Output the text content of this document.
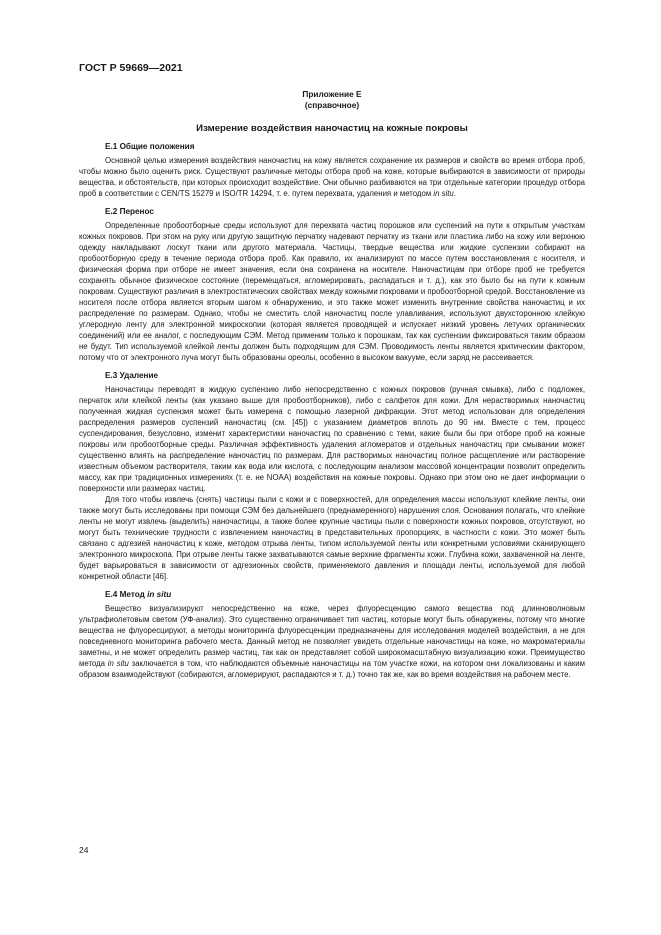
ГОСТ Р 59669—2021
Приложение Е
(справочное)
Измерение воздействия наночастиц на кожные покровы
Е.1 Общие положения

Основной целью измерения воздействия наночастиц на кожу является сохранение их размеров и свойств во время отбора проб, чтобы можно было оценить риск. Существуют различные методы отбора проб на коже, которые выбираются в зависимости от природы вещества, и обстоятельств, при которых происходит воздействие. Они обычно разбиваются на три отдельные категории процедур отбора проб в соответствии с CEN/TS 15279 и ISO/TR 14294, т. е. путем перехвата, удаления и методом in situ.

Е.2 Перенос

Определенные пробоотборные среды используют для перехвата частиц порошков или суспензий на пути к открытым участкам кожных покровов. При этом на руку или другую защитную перчатку надевают перчатку из ткани или пластика либо на кожу или верхнюю одежду накладывают лоскут ткани или другого материала. Частицы, твердые вещества или жидкие суспензии собирают на пробоотборную среду в течение периода отбора проб. Как правило, их анализируют по массе путем восстановления с носителя, и физическая форма при отборе не имеет значения, если она сохранена на носителе. Наночастицам при отборе проб не требуется сохранять обычное физическое состояние (перемещаться, агломерировать, распадаться и т. д.), как это было бы на пути к кожным покровам. Существуют различия в электростатических свойствах между кожными покровами и пробоотборной средой. Восстановление из носителя после отбора является вторым шагом к обнаружению, и это также может изменить внутренние свойства наночастиц и их распределение по размерам. Однако, чтобы не сместить слой наночастиц после улавливания, используют двухсторонною клейкую углеродную ленту для электронной микроскопии (которая является проводящей и испускает низкий уровень летучих органических соединений) или ее аналог, с последующим СЭМ. Метод применим только к порошкам, так как суспензии фиксироваться таким образом не будут. Тип используемой клейкой ленты должен быть подходящим для СЭМ. Проводимость ленты является критическим фактором, потому что от электронного луча могут быть образованы ореолы, особенно в высоком вакууме, если заряд не рассеивается.

Е.3 Удаление

Наночастицы переводят в жидкую суспензию либо непосредственно с кожных покровов (ручная смывка), либо с подложек, перчаток или клейкой ленты (как указано выше для пробоотборников), либо с салфеток для кожи. Для нерастворимых наночастиц полученная жидкая суспензия может быть измерена с помощью лазерной дифракции. Этот метод использован для определения распределения размеров суспензий наночастиц (см. [45]) с указанием диаметров вплоть до 90 нм. Вместе с тем, процесс суспендирования, безусловно, изменит характеристики наночастиц по сравнению с теми, какие были бы при отборе проб на кожные покровы или пробоотборные среды. Различная эффективность удаления агломератов и отдельных наночастиц при смывании может существенно влиять на распределение наночастиц по размерам. Для растворимых наночастиц полное расщепление или растворение известным объемом растворителя, таким как вода или кислота, с последующим анализом массовой концентрации позволит определить массу, как при традиционных измерениях (т. е. не NOAA) воздействия на кожные покровы. Однако при этом оно не дает информации о поверхности или размерах частиц.

Для того чтобы извлечь (снять) частицы пыли с кожи и с поверхностей, для определения массы используют клейкие ленты, они также могут быть исследованы при помощи СЭМ без дальнейшего (преднамеренного) нарушения слоя. Основания полагать, что клейкие ленты не могут извлечь (выделить) наночастицы, а также более крупные частицы пыли с поверхности кожных покровов, отсутствуют, но могут быть технические трудности с извлечением наночастиц в представительных пропорциях, в частности с кожи. Это может быть связано с адгезией наночастиц к коже, методом отрыва ленты, типом используемой ленты или конкретными условиями сканирующего электронного микроскопа. При отрыве ленты также захватываются самые верхние фрагменты кожи. Глубина кожи, захваченной на ленте, будет варьироваться в зависимости от адгезионных свойств, применяемого давления и площади ленты, используемой для любой конкретной области [46].

Е.4 Метод in situ

Вещество визуализируют непосредственно на коже, через флуоресценцию самого вещества под длинноволновым ультрафиолетовым светом (УФ-анализ). Это существенно ограничивает тип частиц, которые могут быть обнаружены, потому что многие вещества не флуоресцируют, а методы мониторинга флуоресценции предназначены для исследования моделей воздействия, а не для повседневного мониторинга рабочего места. Данный метод не позволяет увидеть отдельные наночастицы на коже, но макроматериалы заметны, и не может определить размер частиц, так как он представляет собой широкомасштабную визуализацию кожи. Преимущество метода in situ заключается в том, что наблюдаются объемные наночастицы на том участке кожи, на котором они локализованы и каким образом взаимодействуют (собираются, агломерируют, распадаются и т. д.) точно так же, как во время воздействия на рабочем месте.

24
